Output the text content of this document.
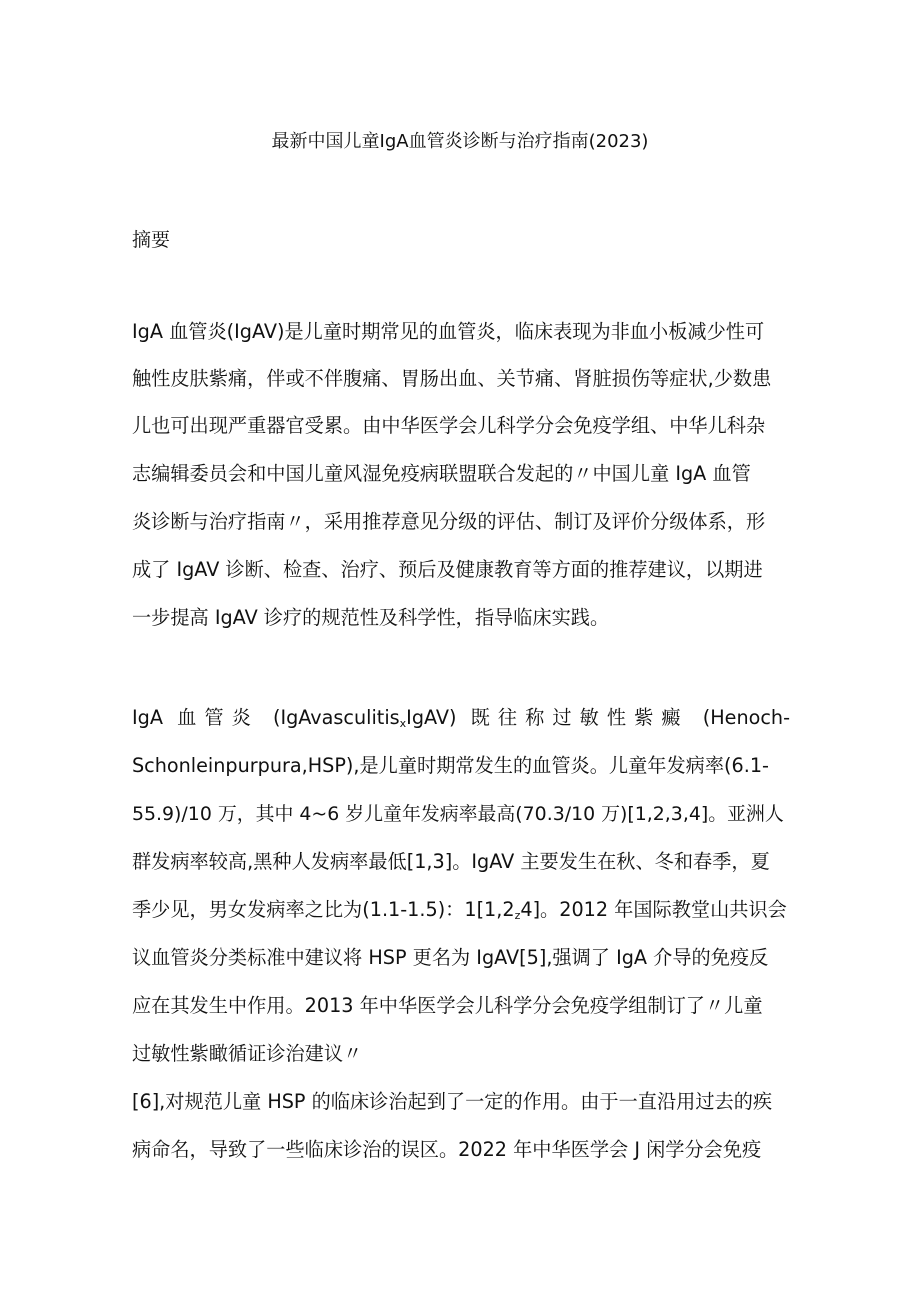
最新中国儿童IgA血管炎诊断与治疗指南(2023)
摘要
IgA 血管炎(IgAV)是儿童时期常见的血管炎，临床表现为非血小板减少性可
触性皮肤紫痛，伴或不伴腹痛、胃肠出血、关节痛、肾脏损伤等症状,少数患
儿也可出现严重器官受累。由中华医学会儿科学分会免疫学组、中华儿科杂
志编辑委员会和中国儿童风湿免疫病联盟联合发起的〃中国儿童 IgA 血管
炎诊断与治疗指南〃，采用推荐意见分级的评估、制订及评价分级体系，形
成了 IgAV 诊断、检查、治疗、预后及健康教育等方面的推荐建议，以期进
一步提高 IgAV 诊疗的规范性及科学性，指导临床实践。
IgA 血管炎 (IgAvasculitis$_x$IgAV) 既往称过敏性紫癜 (Henoch-
Schonleinpurpura,HSP),是儿童时期常发生的血管炎。儿童年发病率(6.1-
55.9)/10 万，其中 4~6 岁儿童年发病率最高(70.3/10 万)[1,2,3,4]。亚洲人
群发病率较高,黑种人发病率最低[1,3]。IgAV 主要发生在秋、冬和春季，夏
季少见，男女发病率之比为(1.1-1.5)：$1[1,2_z4]$。2012 年国际教堂山共识会
议血管炎分类标准中建议将 HSP 更名为 IgAV[5],强调了 IgA 介导的免疫反
应在其发生中作用。2013 年中华医学会儿科学分会免疫学组制订了〃儿童
过敏性紫瞰循证诊治建议〃
[6],对规范儿童 HSP 的临床诊治起到了一定的作用。由于一直沿用过去的疾
病命名，导致了一些临床诊治的误区。2022 年中华医学会 J 闲学分会免疫
